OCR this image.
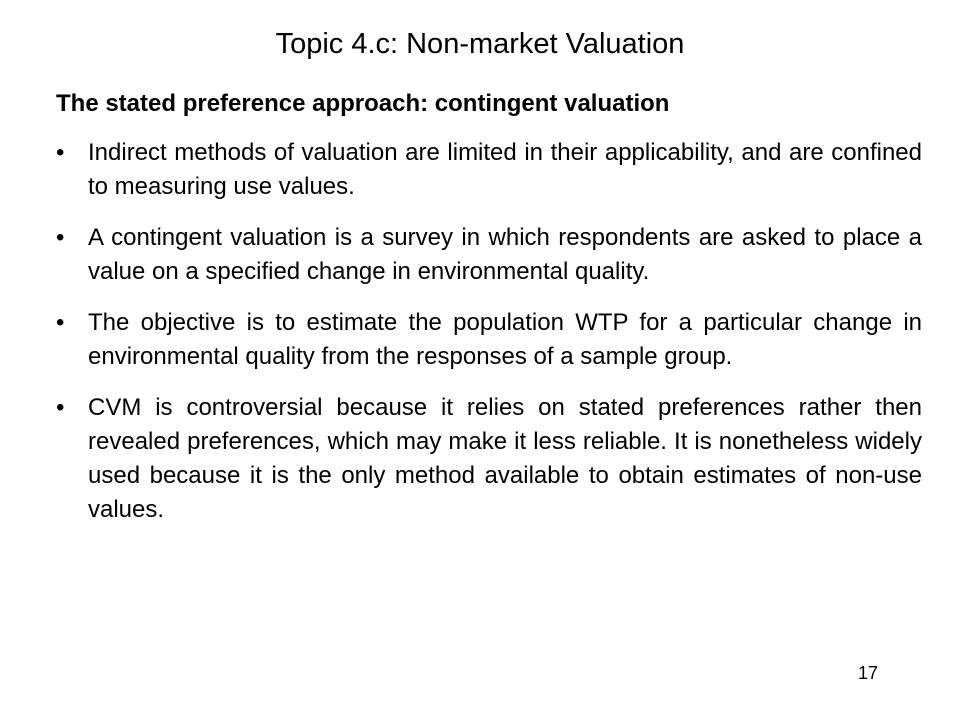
Topic 4.c: Non-market Valuation
The stated preference approach: contingent valuation
• Indirect methods of valuation are limited in their applicability, and are confined to measuring use values.
• A contingent valuation is a survey in which respondents are asked to place a value on a specified change in environmental quality.
• The objective is to estimate the population WTP for a particular change in environmental quality from the responses of a sample group.
• CVM is controversial because it relies on stated preferences rather then revealed preferences, which may make it less reliable. It is nonetheless widely used because it is the only method available to obtain estimates of non-use values.
17
